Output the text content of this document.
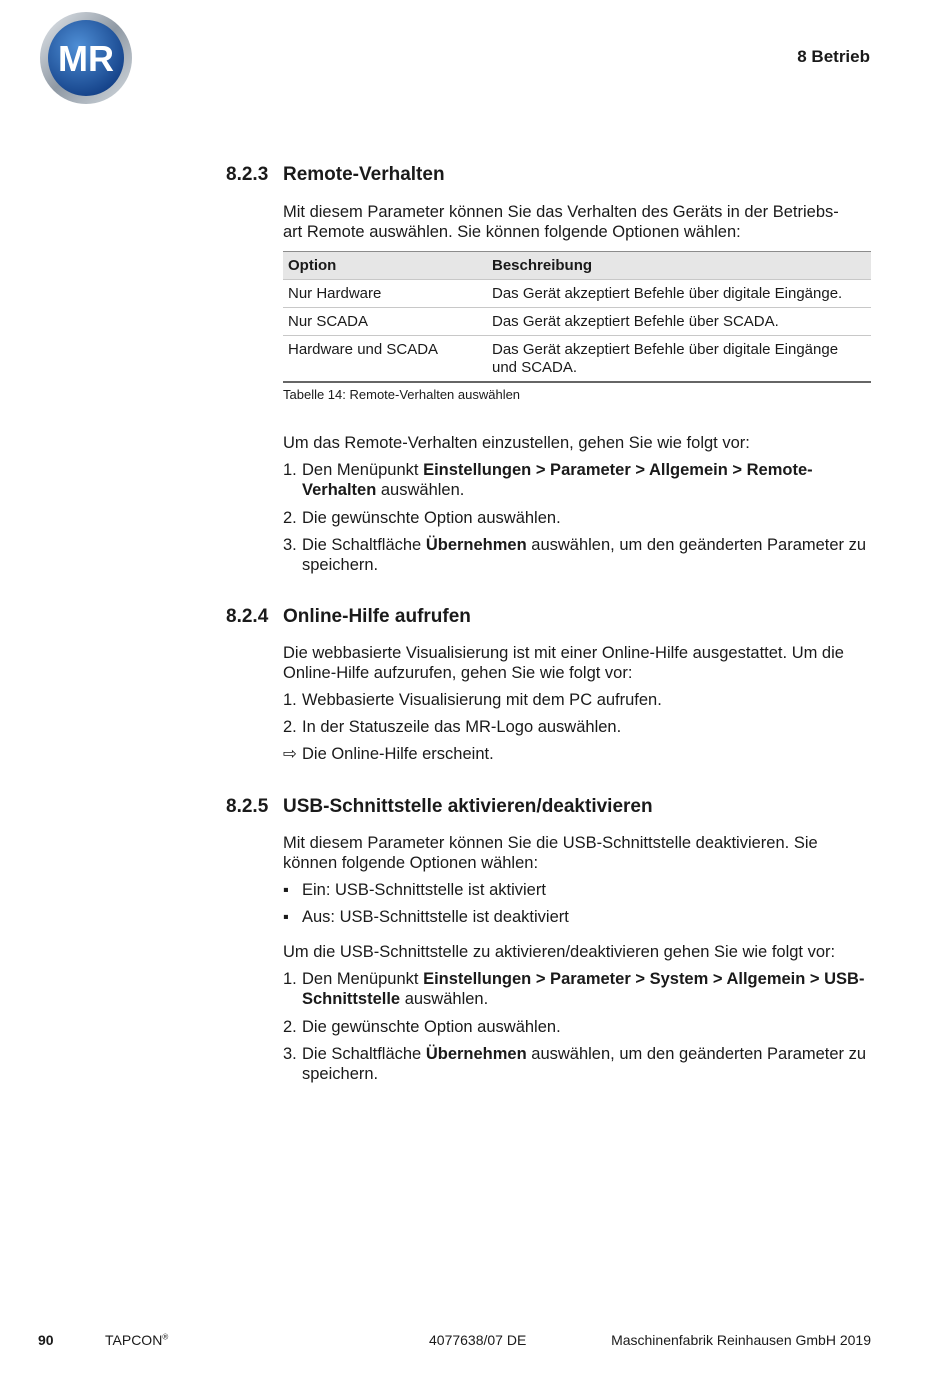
MR	8 Betrieb
8.2.3 Remote-Verhalten
Mit diesem Parameter können Sie das Verhalten des Geräts in der Betriebs-
art Remote auswählen. Sie können folgende Optionen wählen:
Option	Beschreibung
Nur Hardware	Das Gerät akzeptiert Befehle über digitale Eingänge.
Nur SCADA	Das Gerät akzeptiert Befehle über SCADA.
Hardware und SCADA	Das Gerät akzeptiert Befehle über digitale Eingänge und SCADA.
Tabelle 14: Remote-Verhalten auswählen
Um das Remote-Verhalten einzustellen, gehen Sie wie folgt vor:
1. Den Menüpunkt Einstellungen > Parameter > Allgemein > Remote-Verhalten auswählen.
2. Die gewünschte Option auswählen.
3. Die Schaltfläche Übernehmen auswählen, um den geänderten Parameter zu speichern.
8.2.4 Online-Hilfe aufrufen
Die webbasierte Visualisierung ist mit einer Online-Hilfe ausgestattet. Um die Online-Hilfe aufzurufen, gehen Sie wie folgt vor:
1. Webbasierte Visualisierung mit dem PC aufrufen.
2. In der Statuszeile das MR-Logo auswählen.
⇨ Die Online-Hilfe erscheint.
8.2.5 USB-Schnittstelle aktivieren/deaktivieren
Mit diesem Parameter können Sie die USB-Schnittstelle deaktivieren. Sie können folgende Optionen wählen:
▪ Ein: USB-Schnittstelle ist aktiviert
▪ Aus: USB-Schnittstelle ist deaktiviert
Um die USB-Schnittstelle zu aktivieren/deaktivieren gehen Sie wie folgt vor:
1. Den Menüpunkt Einstellungen > Parameter > System > Allgemein > USB-Schnittstelle auswählen.
2. Die gewünschte Option auswählen.
3. Die Schaltfläche Übernehmen auswählen, um den geänderten Parameter zu speichern.
90	TAPCON®	4077638/07 DE	Maschinenfabrik Reinhausen GmbH 2019
